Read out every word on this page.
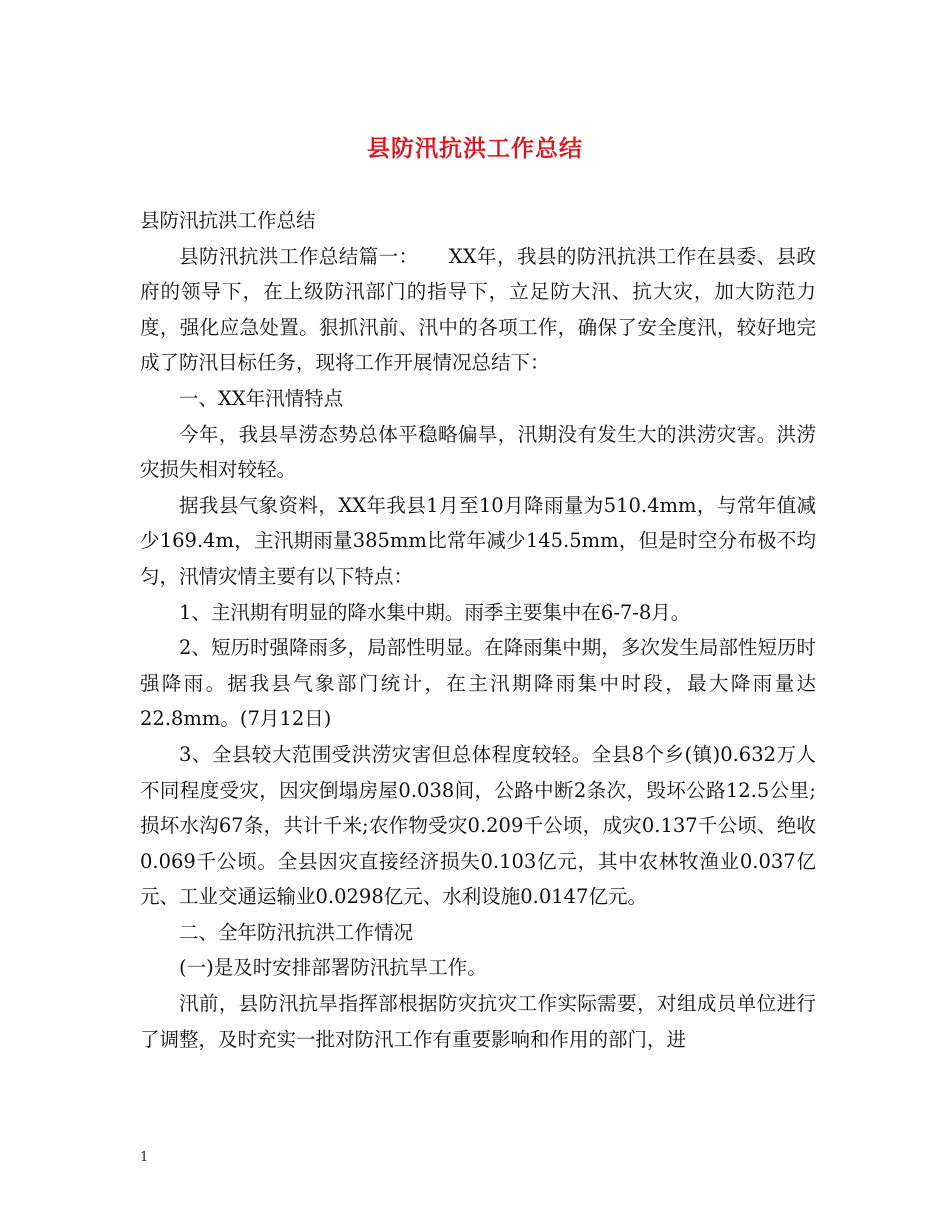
县防汛抗洪工作总结

县防汛抗洪工作总结

县防汛抗洪工作总结篇一：　　XX年，我县的防汛抗洪工作在县委、县政府的领导下，在上级防汛部门的指导下，立足防大汛、抗大灾，加大防范力度，强化应急处置。狠抓汛前、汛中的各项工作，确保了安全度汛，较好地完成了防汛目标任务，现将工作开展情况总结下：

一、XX年汛情特点

今年，我县旱涝态势总体平稳略偏旱，汛期没有发生大的洪涝灾害。洪涝灾损失相对较轻。

据我县气象资料，XX年我县1月至10月降雨量为510.4mm，与常年值减少169.4m，主汛期雨量385mm比常年减少145.5mm，但是时空分布极不均匀，汛情灾情主要有以下特点：

1、主汛期有明显的降水集中期。雨季主要集中在6-7-8月。

2、短历时强降雨多，局部性明显。在降雨集中期，多次发生局部性短历时强降雨。据我县气象部门统计，在主汛期降雨集中时段，最大降雨量达22.8mm。(7月12日)

3、全县较大范围受洪涝灾害但总体程度较轻。全县8个乡(镇)0.632万人不同程度受灾，因灾倒塌房屋0.038间，公路中断2条次，毁坏公路12.5公里;损坏水沟67条，共计千米;农作物受灾0.209千公顷，成灾0.137千公顷、绝收0.069千公顷。全县因灾直接经济损失0.103亿元，其中农林牧渔业0.037亿元、工业交通运输业0.0298亿元、水利设施0.0147亿元。

二、全年防汛抗洪工作情况

(一)是及时安排部署防汛抗旱工作。

汛前，县防汛抗旱指挥部根据防灾抗灾工作实际需要，对组成员单位进行了调整，及时充实一批对防汛工作有重要影响和作用的部门，进

1
